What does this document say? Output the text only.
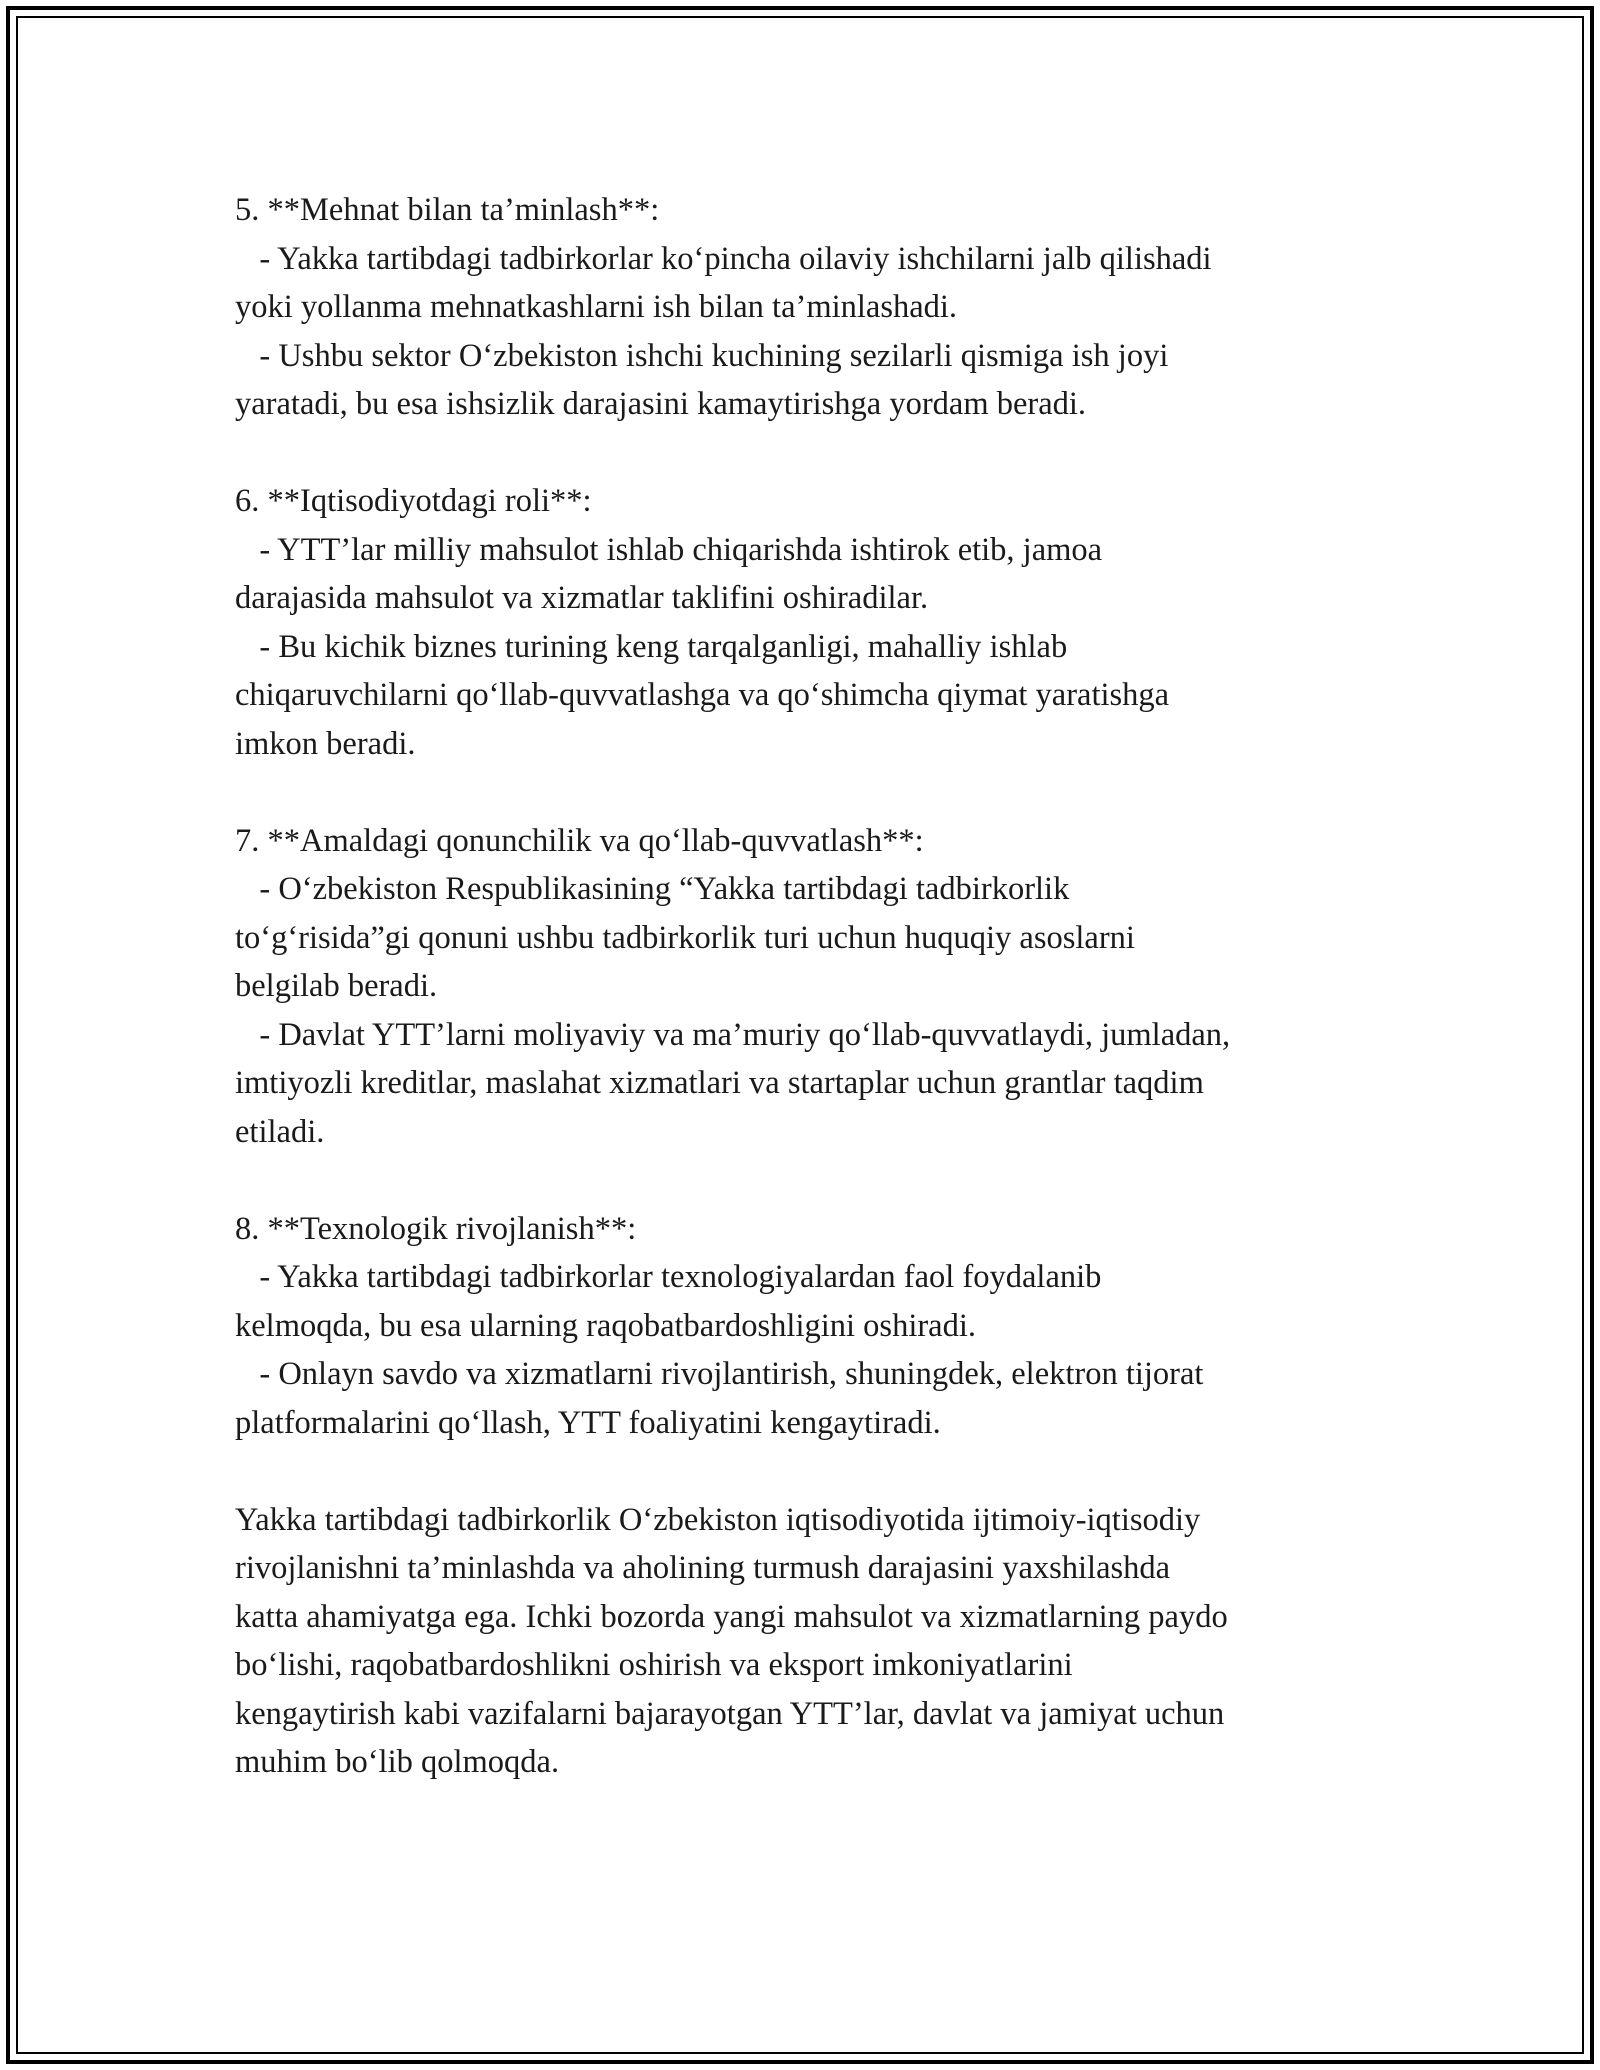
5. **Mehnat bilan ta’minlash**:

- Yakka tartibdagi tadbirkorlar ko‘pincha oilaviy ishchilarni jalb qilishadi

yoki yollanma mehnatkashlarni ish bilan ta’minlashadi.

- Ushbu sektor O‘zbekiston ishchi kuchining sezilarli qismiga ish joyi

yaratadi, bu esa ishsizlik darajasini kamaytirishga yordam beradi.

6. **Iqtisodiyotdagi roli**:

- YTT’lar milliy mahsulot ishlab chiqarishda ishtirok etib, jamoa

darajasida mahsulot va xizmatlar taklifini oshiradilar.

- Bu kichik biznes turining keng tarqalganligi, mahalliy ishlab

chiqaruvchilarni qo‘llab-quvvatlashga va qo‘shimcha qiymat yaratishga

imkon beradi.

7. **Amaldagi qonunchilik va qo‘llab-quvvatlash**:

- O‘zbekiston Respublikasining “Yakka tartibdagi tadbirkorlik

to‘g‘risida”gi qonuni ushbu tadbirkorlik turi uchun huquqiy asoslarni

belgilab beradi.

- Davlat YTT’larni moliyaviy va ma’muriy qo‘llab-quvvatlaydi, jumladan,

imtiyozli kreditlar, maslahat xizmatlari va startaplar uchun grantlar taqdim

etiladi.

8. **Texnologik rivojlanish**:

- Yakka tartibdagi tadbirkorlar texnologiyalardan faol foydalanib

kelmoqda, bu esa ularning raqobatbardoshligini oshiradi.

- Onlayn savdo va xizmatlarni rivojlantirish, shuningdek, elektron tijorat

platformalarini qo‘llash, YTT foaliyatini kengaytiradi.

Yakka tartibdagi tadbirkorlik O‘zbekiston iqtisodiyotida ijtimoiy-iqtisodiy

rivojlanishni ta’minlashda va aholining turmush darajasini yaxshilashda

katta ahamiyatga ega. Ichki bozorda yangi mahsulot va xizmatlarning paydo

bo‘lishi, raqobatbardoshlikni oshirish va eksport imkoniyatlarini

kengaytirish kabi vazifalarni bajarayotgan YTT’lar, davlat va jamiyat uchun

muhim bo‘lib qolmoqda.
